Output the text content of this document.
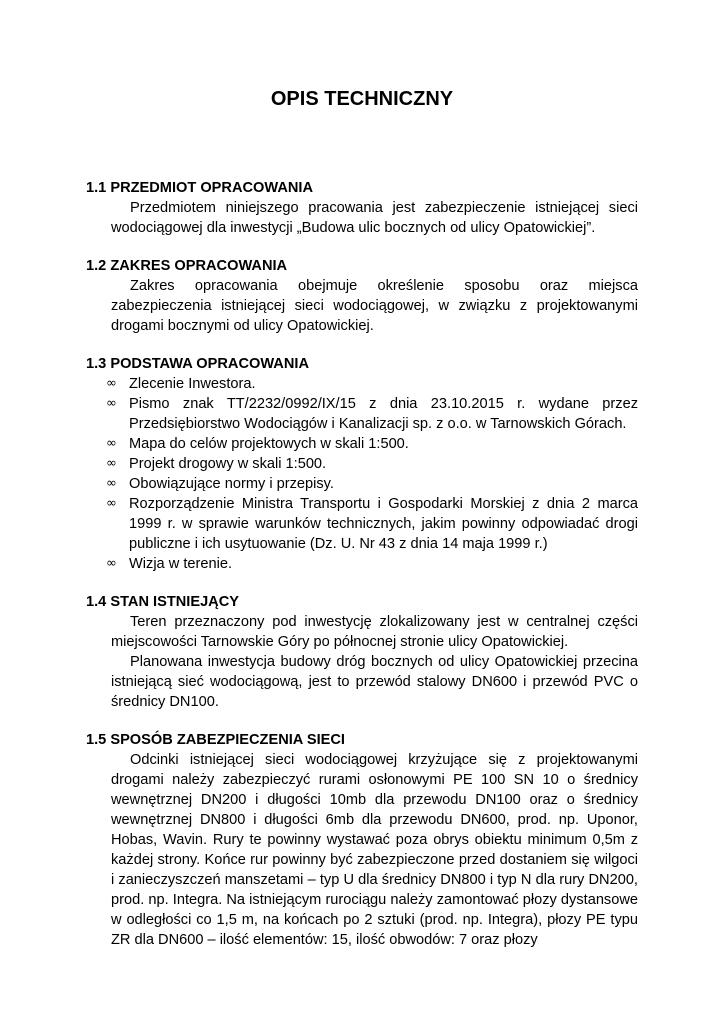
OPIS TECHNICZNY

1.1 PRZEDMIOT OPRACOWANIA

Przedmiotem niniejszego pracowania jest zabezpieczenie istniejącej sieci wodociągowej dla inwestycji „Budowa ulic bocznych od ulicy Opatowickiej”.

1.2 ZAKRES OPRACOWANIA

Zakres opracowania obejmuje określenie sposobu oraz miejsca zabezpieczenia istniejącej sieci wodociągowej, w związku z projektowanymi drogami bocznymi od ulicy Opatowickiej.

1.3 PODSTAWA OPRACOWANIA

∞ Zlecenie Inwestora.
∞ Pismo znak TT/2232/0992/IX/15 z dnia 23.10.2015 r. wydane przez Przedsiębiorstwo Wodociągów i Kanalizacji sp. z o.o. w Tarnowskich Górach.
∞ Mapa do celów projektowych w skali 1:500.
∞ Projekt drogowy w skali 1:500.
∞ Obowiązujące normy i przepisy.
∞ Rozporządzenie Ministra Transportu i Gospodarki Morskiej z dnia 2 marca 1999 r. w sprawie warunków technicznych, jakim powinny odpowiadać drogi publiczne i ich usytuowanie (Dz. U. Nr 43 z dnia 14 maja 1999 r.)
∞ Wizja w terenie.

1.4 STAN ISTNIEJĄCY

Teren przeznaczony pod inwestycję zlokalizowany jest w centralnej części miejscowości Tarnowskie Góry po północnej stronie ulicy Opatowickiej.

Planowana inwestycja budowy dróg bocznych od ulicy Opatowickiej przecina istniejącą sieć wodociągową, jest to przewód stalowy DN600 i przewód PVC o średnicy DN100.

1.5 SPOSÓB ZABEZPIECZENIA SIECI

Odcinki istniejącej sieci wodociągowej krzyżujące się z projektowanymi drogami należy zabezpieczyć rurami osłonowymi PE 100 SN 10 o średnicy wewnętrznej DN200 i długości 10mb dla przewodu DN100 oraz o średnicy wewnętrznej DN800 i długości 6mb dla przewodu DN600, prod. np. Uponor, Hobas, Wavin. Rury te powinny wystawać poza obrys obiektu minimum 0,5m z każdej strony. Końce rur powinny być zabezpieczone przed dostaniem się wilgoci i zanieczyszczeń manszetami – typ U dla średnicy DN800 i typ N dla rury DN200, prod. np. Integra. Na istniejącym rurociągu należy zamontować płozy dystansowe w odległości co 1,5 m, na końcach po 2 sztuki (prod. np. Integra), płozy PE typu ZR dla DN600 – ilość elementów: 15, ilość obwodów: 7 oraz płozy
